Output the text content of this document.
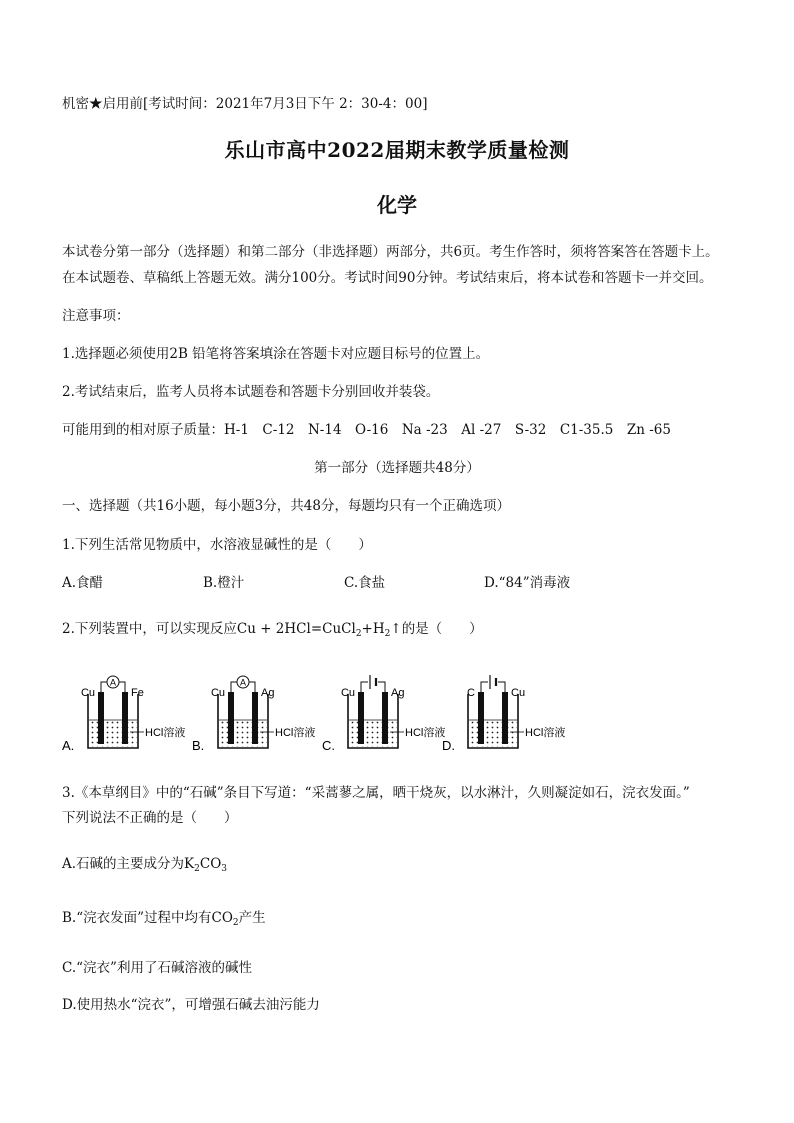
机密★启用前[考试时间：2021年7月3日下午 2：30-4：00]
乐山市高中2022届期末教学质量检测
化学
本试卷分第一部分（选择题）和第二部分（非选择题）两部分，共6页。考生作答时，须将答案答在答题卡上。
在本试题卷、草稿纸上答题无效。满分100分。考试时间90分钟。考试结束后，将本试卷和答题卡一并交回。
注意事项：
1.选择题必须使用2B 铅笔将答案填涂在答题卡对应题目标号的位置上。
2.考试结束后，监考人员将本试题卷和答题卡分别回收并装袋。
可能用到的相对原子质量：H-1　C-12　N-14　O-16　Na -23　Al -27　S-32　C1-35.5　Zn -65
第一部分（选择题共48分）
一、选择题（共16小题，每小题3分，共48分，每题均只有一个正确选项）
1.下列生活常见物质中，水溶液显碱性的是（　　）
A.食醋	B.橙汁	C.食盐	D.“84”消毒液
2.下列装置中，可以实现反应$Cu + 2HCl=CuCl_2+H_2↑$的是（　　）
A.
A
Cu	Fe
HCl溶液
B.
A
Cu	Ag
HCl溶液
C.
Cu	Ag
HCl溶液
D.
C	Cu
HCl溶液
3.《本草纲目》中的“石碱”条目下写道：“采蒿蓼之属，晒干烧灰，以水淋汁，久则凝淀如石，浣衣发面。”
下列说法不正确的是（　　）
A.石碱的主要成分为$K_2CO_3$
B.“浣衣发面”过程中均有$CO_2$产生
C.“浣衣”利用了石碱溶液的碱性
D.使用热水“浣衣”，可增强石碱去油污能力
